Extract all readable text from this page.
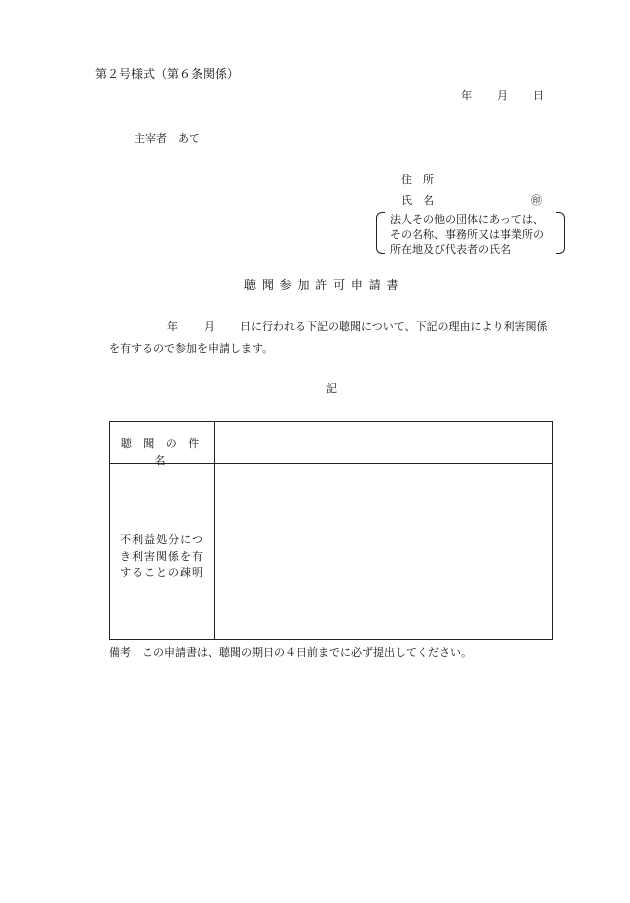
第２号様式（第６条関係）
年 月 日
主宰者　あて
住　所
氏　名	㊞
法人その他の団体にあっては、
その名称、事務所又は事業所の
所在地及び代表者の氏名
聴 聞 参 加 許 可 申 請 書
年 月 日に行われる下記の聴聞について、下記の理由により利害関係
を有するので参加を申請します。
記
聴 聞 の 件 名
不利益処分につ
き利害関係を有
することの疎明
備考　この申請書は、聴聞の期日の４日前までに必ず提出してください。
